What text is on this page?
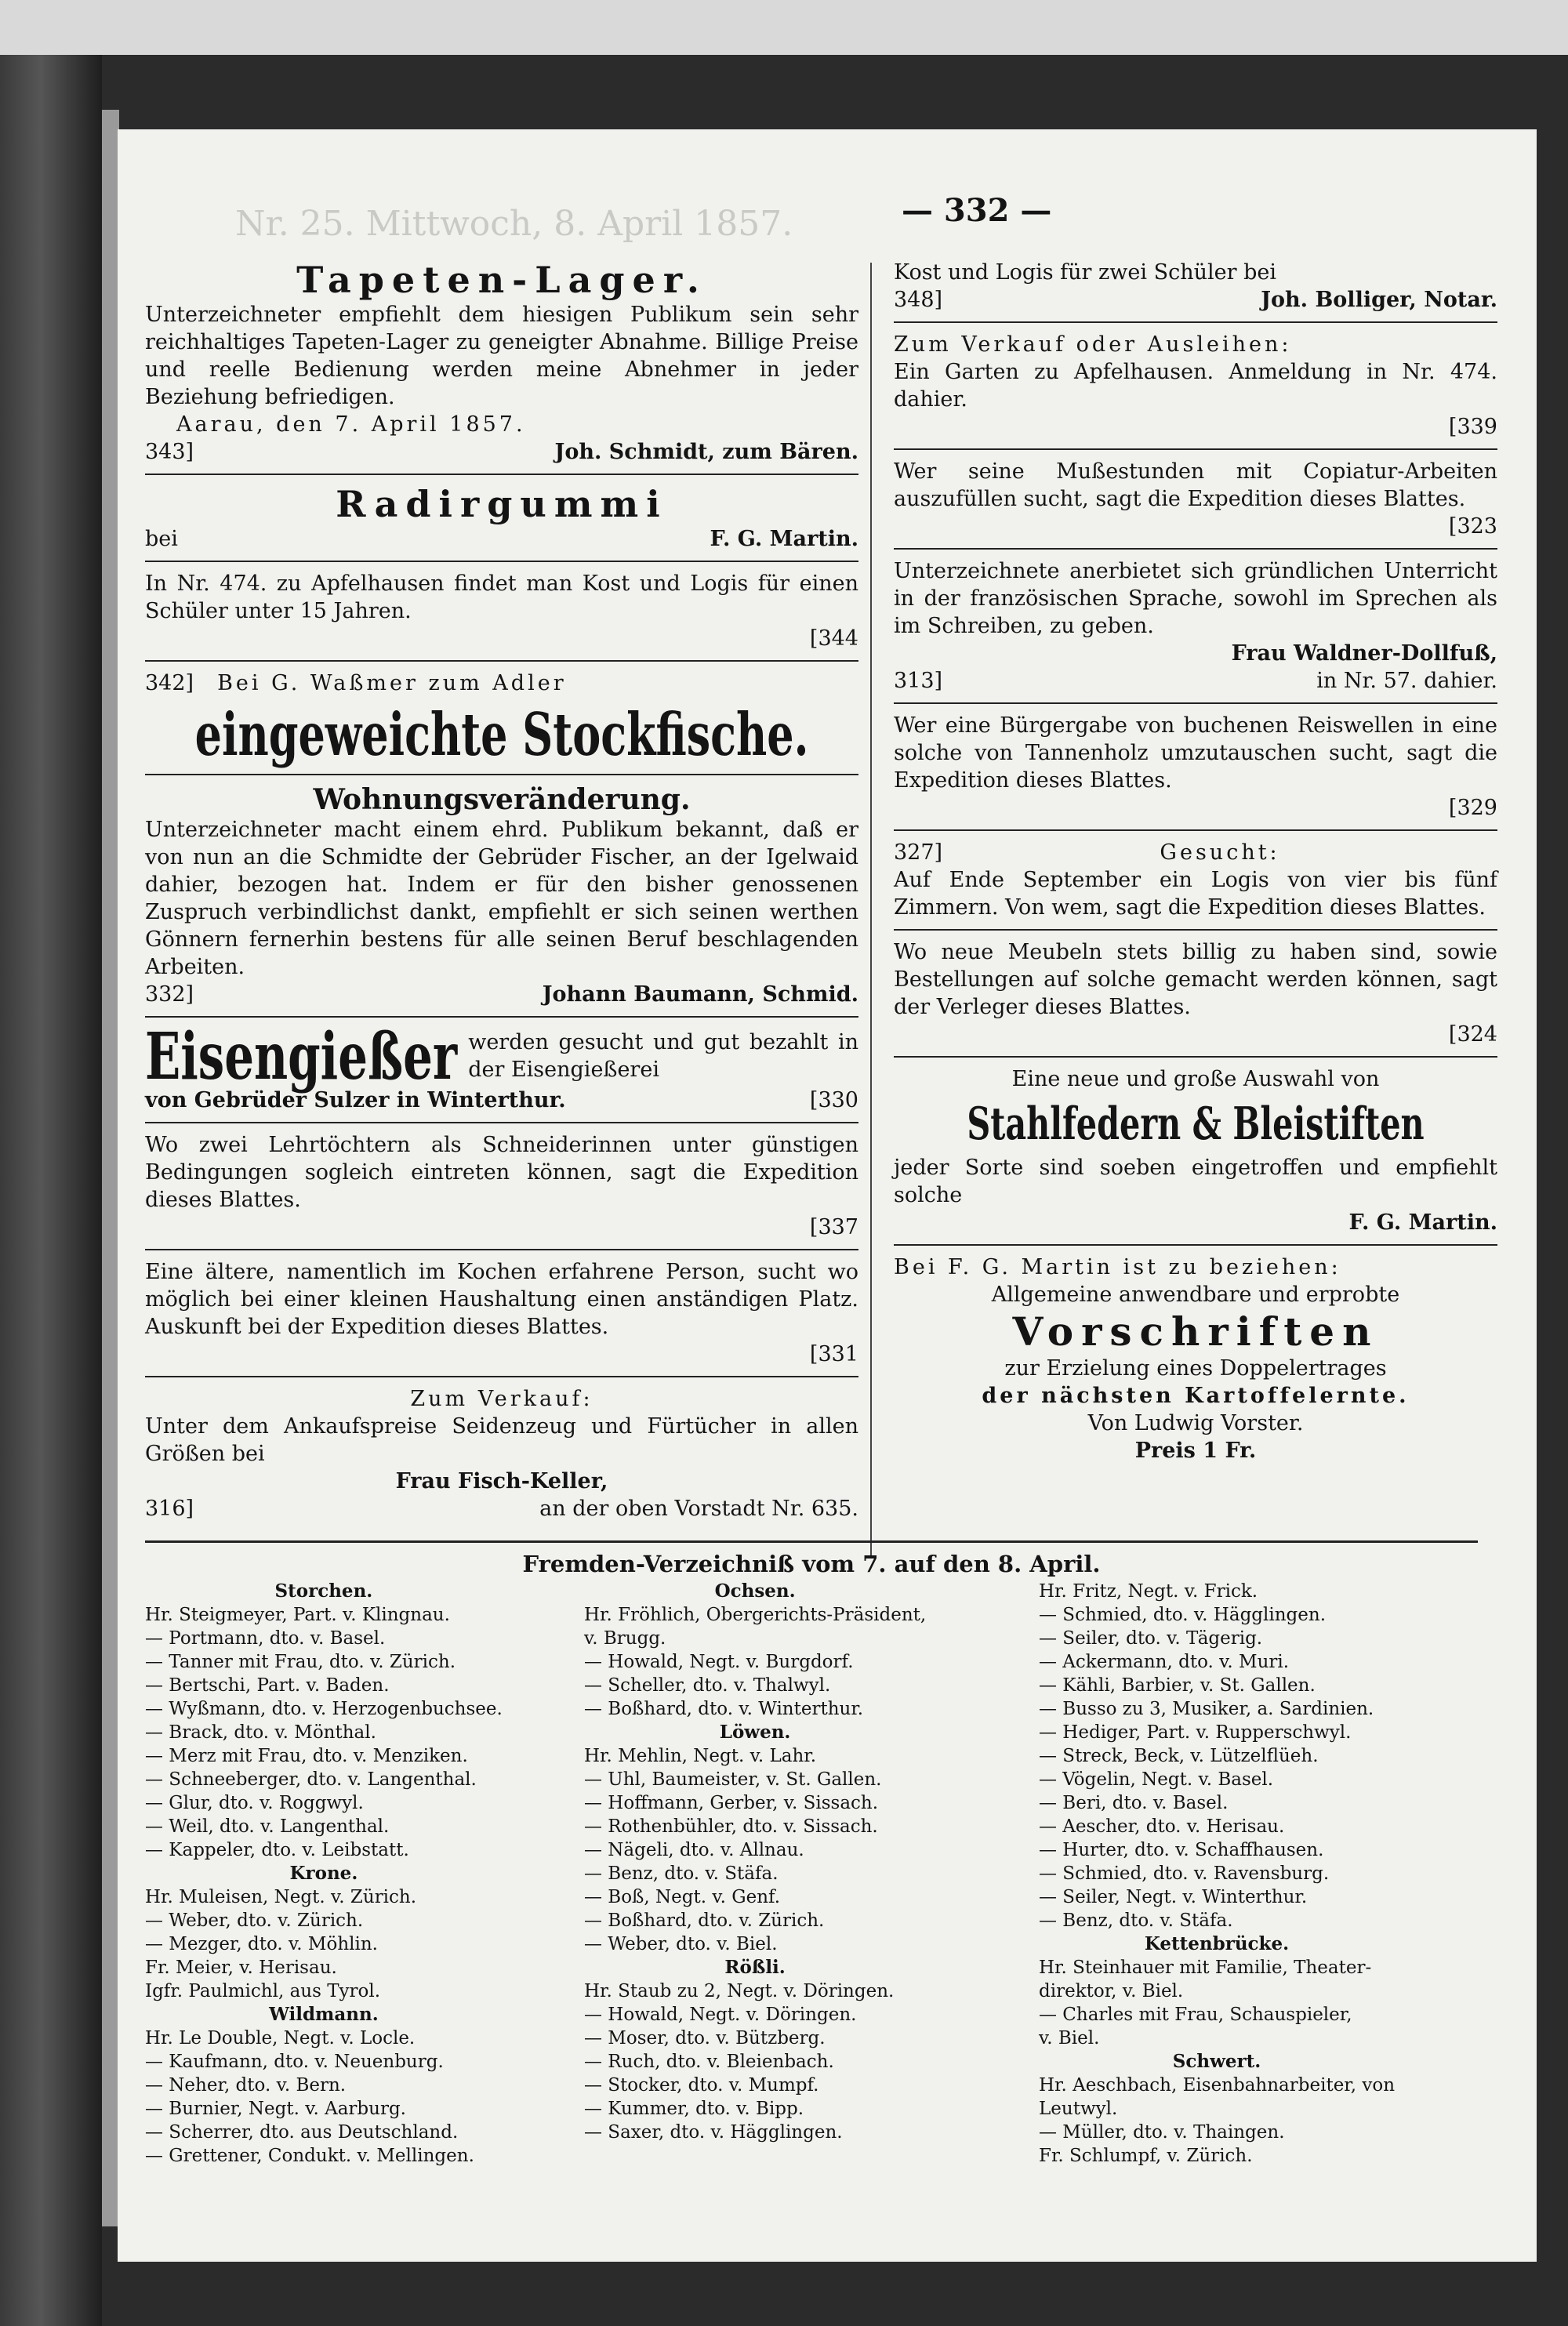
Nr. 25. Mittwoch, 8. April 1857.	— 332 —

Tapeten-Lager.

Unterzeichneter empfiehlt dem hiesigen Publikum sein sehr reichhaltiges Tapeten-Lager zu geneigter Abnahme. Billige Preise und reelle Bedienung werden meine Abnehmer in jeder Beziehung befriedigen.

Aarau, den 7. April 1857.

343]	Joh. Schmidt, zum Bären.

Radirgummi

bei	F. G. Martin.

In Nr. 474. zu Apfelhausen findet man Kost und Logis für einen Schüler unter 15 Jahren.

[344

342]	Bei G. Waßmer zum Adler

eingeweichte Stockfische.

Wohnungsveränderung.

Unterzeichneter macht einem ehrd. Publikum bekannt, daß er von nun an die Schmidte der Gebrüder Fischer, an der Igelwaid dahier, bezogen hat. Indem er für den bisher genossenen Zuspruch verbindlichst dankt, empfiehlt er sich seinen werthen Gönnern fernerhin bestens für alle seinen Beruf beschlagenden Arbeiten.

332]	Johann Baumann, Schmid.
Eisengießer werden gesucht und gut bezahlt in der Eisengießerei
von Gebrüder Sulzer in Winterthur.	[330

Wo zwei Lehrtöchtern als Schneiderinnen unter günstigen Bedingungen sogleich eintreten können, sagt die Expedition dieses Blattes.

[337

Eine ältere, namentlich im Kochen erfahrene Person, sucht wo möglich bei einer kleinen Haushaltung einen anständigen Platz. Auskunft bei der Expedition dieses Blattes.

[331

Zum Verkauf:

Unter dem Ankaufspreise Seidenzeug und Fürtücher in allen Größen bei

Frau Fisch-Keller,

316]	an der oben Vorstadt Nr. 635.

Kost und Logis für zwei Schüler bei

348]	Joh. Bolliger, Notar.

Zum Verkauf oder Ausleihen:

Ein Garten zu Apfelhausen. Anmeldung in Nr. 474. dahier.

[339

Wer seine Mußestunden mit Copiatur-Arbeiten auszufüllen sucht, sagt die Expedition dieses Blattes.

[323

Unterzeichnete anerbietet sich gründlichen Unterricht in der französischen Sprache, sowohl im Sprechen als im Schreiben, zu geben.

Frau Waldner-Dollfuß,

313]	in Nr. 57. dahier.

Wer eine Bürgergabe von buchenen Reiswellen in eine solche von Tannenholz umzutauschen sucht, sagt die Expedition dieses Blattes.

[329

327]	Gesucht:

Auf Ende September ein Logis von vier bis fünf Zimmern. Von wem, sagt die Expedition dieses Blattes.

Wo neue Meubeln stets billig zu haben sind, sowie Bestellungen auf solche gemacht werden können, sagt der Verleger dieses Blattes.

[324

Eine neue und große Auswahl von

Stahlfedern & Bleistiften

jeder Sorte sind soeben eingetroffen und empfiehlt solche

F. G. Martin.

Bei F. G. Martin ist zu beziehen:

Allgemeine anwendbare und erprobte

Vorschriften

zur Erzielung eines Doppelertrages

der nächsten Kartoffelernte.

Von Ludwig Vorster.

Preis 1 Fr.

Fremden-Verzeichniß vom 7. auf den 8. April.

Storchen.
Hr. Steigmeyer, Part. v. Klingnau.
— Portmann, dto. v. Basel.
— Tanner mit Frau, dto. v. Zürich.
— Bertschi, Part. v. Baden.
— Wyßmann, dto. v. Herzogenbuchsee.
— Brack, dto. v. Mönthal.
— Merz mit Frau, dto. v. Menziken.
— Schneeberger, dto. v. Langenthal.
— Glur, dto. v. Roggwyl.
— Weil, dto. v. Langenthal.
— Kappeler, dto. v. Leibstatt.
Krone.
Hr. Muleisen, Negt. v. Zürich.
— Weber, dto. v. Zürich.
— Mezger, dto. v. Möhlin.
Fr. Meier, v. Herisau.
Igfr. Paulmichl, aus Tyrol.
Wildmann.
Hr. Le Double, Negt. v. Locle.
— Kaufmann, dto. v. Neuenburg.
— Neher, dto. v. Bern.
— Burnier, Negt. v. Aarburg.
— Scherrer, dto. aus Deutschland.
— Grettener, Condukt. v. Mellingen.
Ochsen.
Hr. Fröhlich, Obergerichts-Präsident,
v. Brugg.
— Howald, Negt. v. Burgdorf.
— Scheller, dto. v. Thalwyl.
— Boßhard, dto. v. Winterthur.
Löwen.
Hr. Mehlin, Negt. v. Lahr.
— Uhl, Baumeister, v. St. Gallen.
— Hoffmann, Gerber, v. Sissach.
— Rothenbühler, dto. v. Sissach.
— Nägeli, dto. v. Allnau.
— Benz, dto. v. Stäfa.
— Boß, Negt. v. Genf.
— Boßhard, dto. v. Zürich.
— Weber, dto. v. Biel.
Rößli.
Hr. Staub zu 2, Negt. v. Döringen.
— Howald, Negt. v. Döringen.
— Moser, dto. v. Bützberg.
— Ruch, dto. v. Bleienbach.
— Stocker, dto. v. Mumpf.
— Kummer, dto. v. Bipp.
— Saxer, dto. v. Hägglingen.
Hr. Fritz, Negt. v. Frick.
— Schmied, dto. v. Hägglingen.
— Seiler, dto. v. Tägerig.
— Ackermann, dto. v. Muri.
— Kähli, Barbier, v. St. Gallen.
— Busso zu 3, Musiker, a. Sardinien.
— Hediger, Part. v. Rupperschwyl.
— Streck, Beck, v. Lützelflüeh.
— Vögelin, Negt. v. Basel.
— Beri, dto. v. Basel.
— Aescher, dto. v. Herisau.
— Hurter, dto. v. Schaffhausen.
— Schmied, dto. v. Ravensburg.
— Seiler, Negt. v. Winterthur.
— Benz, dto. v. Stäfa.
Kettenbrücke.
Hr. Steinhauer mit Familie, Theater-
direktor, v. Biel.
— Charles mit Frau, Schauspieler,
v. Biel.
Schwert.
Hr. Aeschbach, Eisenbahnarbeiter, von
Leutwyl.
— Müller, dto. v. Thaingen.
Fr. Schlumpf, v. Zürich.
